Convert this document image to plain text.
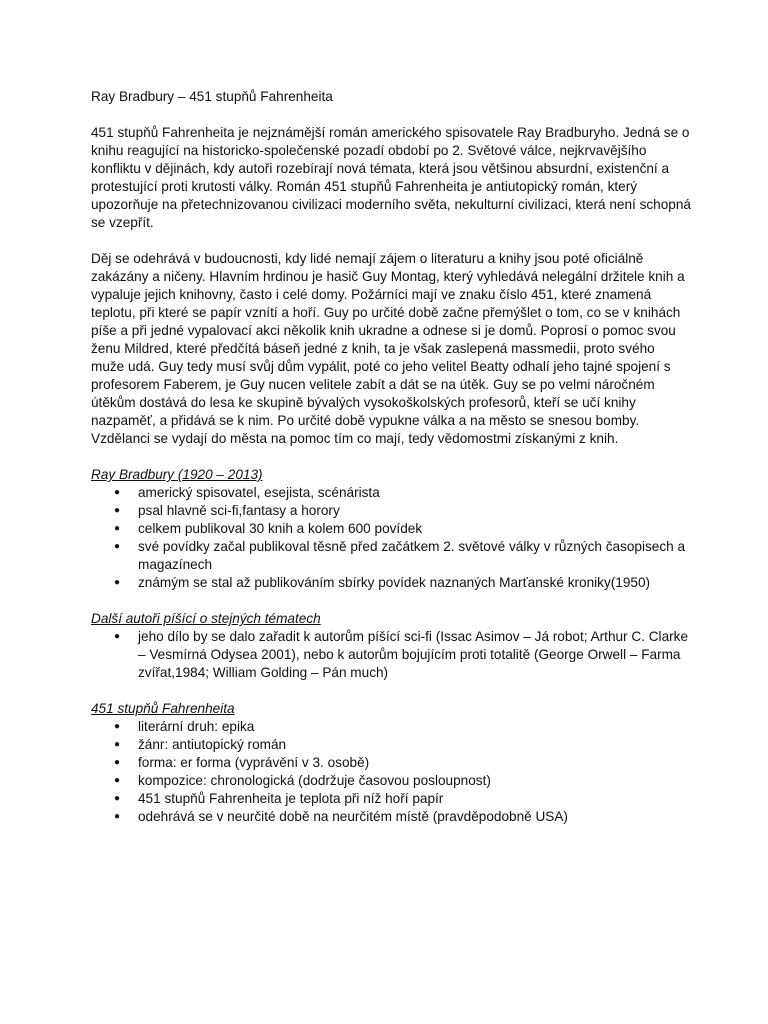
Ray Bradbury – 451 stupňů Fahrenheita

451 stupňů Fahrenheita je nejznámější román amerického spisovatele Ray Bradburyho. Jedná se o knihu reagující na historicko-společenské pozadí období po 2. Světové válce, nejkrvavějšího konfliktu v dějinách, kdy autoři rozebírají nová témata, která jsou většinou absurdní, existenční a protestující proti krutosti války. Román 451 stupňů Fahrenheita je antiutopický román, který upozorňuje na přetechnizovanou civilizaci moderního světa, nekulturní civilizaci, která není schopná se vzepřít.

Děj se odehrává v budoucnosti, kdy lidé nemají zájem o literaturu a knihy jsou poté oficiálně zakázány a ničeny. Hlavním hrdinou je hasič Guy Montag, který vyhledává nelegální držitele knih a vypaluje jejich knihovny, často i celé domy. Požárníci mají ve znaku číslo 451, které znamená teplotu, při které se papír vznítí a hoří. Guy po určité době začne přemýšlet o tom, co se v knihách píše a při jedné vypalovací akci několik knih ukradne a odnese si je domů. Poprosí o pomoc svou ženu Mildred, které předčítá báseň jedné z knih, ta je však zaslepená massmedii, proto svého muže udá. Guy tedy musí svůj dům vypálit, poté co jeho velitel Beatty odhalí jeho tajné spojení s profesorem Faberem, je Guy nucen velitele zabít a dát se na útěk. Guy se po velmi náročném útěkům dostává do lesa ke skupině bývalých vysokoškolských profesorů, kteří se učí knihy nazpaměť, a přidává se k nim. Po určité době vypukne válka a na město se snesou bomby. Vzdělanci se vydají do města na pomoc tím co mají, tedy vědomostmi získanými z knih.

Ray Bradbury (1920 – 2013)

● americký spisovatel, esejista, scénárista
● psal hlavně sci-fi,fantasy a horory
● celkem publikoval 30 knih a kolem 600 povídek
● své povídky začal publikoval těsně před začátkem 2. světové války v různých časopisech a magazínech
● známým se stal až publikováním sbírky povídek naznaných Marťanské kroniky(1950)

Další autoři píšící o stejných tématech

● jeho dílo by se dalo zařadit k autorům píšící sci-fi (Issac Asimov – Já robot; Arthur C. Clarke – Vesmírná Odysea 2001), nebo k autorům bojujícím proti totalitě (George Orwell – Farma zvířat,1984; William Golding – Pán much)

451 stupňů Fahrenheita

● literární druh: epika
● žánr: antiutopický román
● forma: er forma (vyprávění v 3. osobě)
● kompozice: chronologická (dodržuje časovou posloupnost)
● 451 stupňů Fahrenheita je teplota při níž hoří papír
● odehrává se v neurčité době na neurčitém místě (pravděpodobně USA)
